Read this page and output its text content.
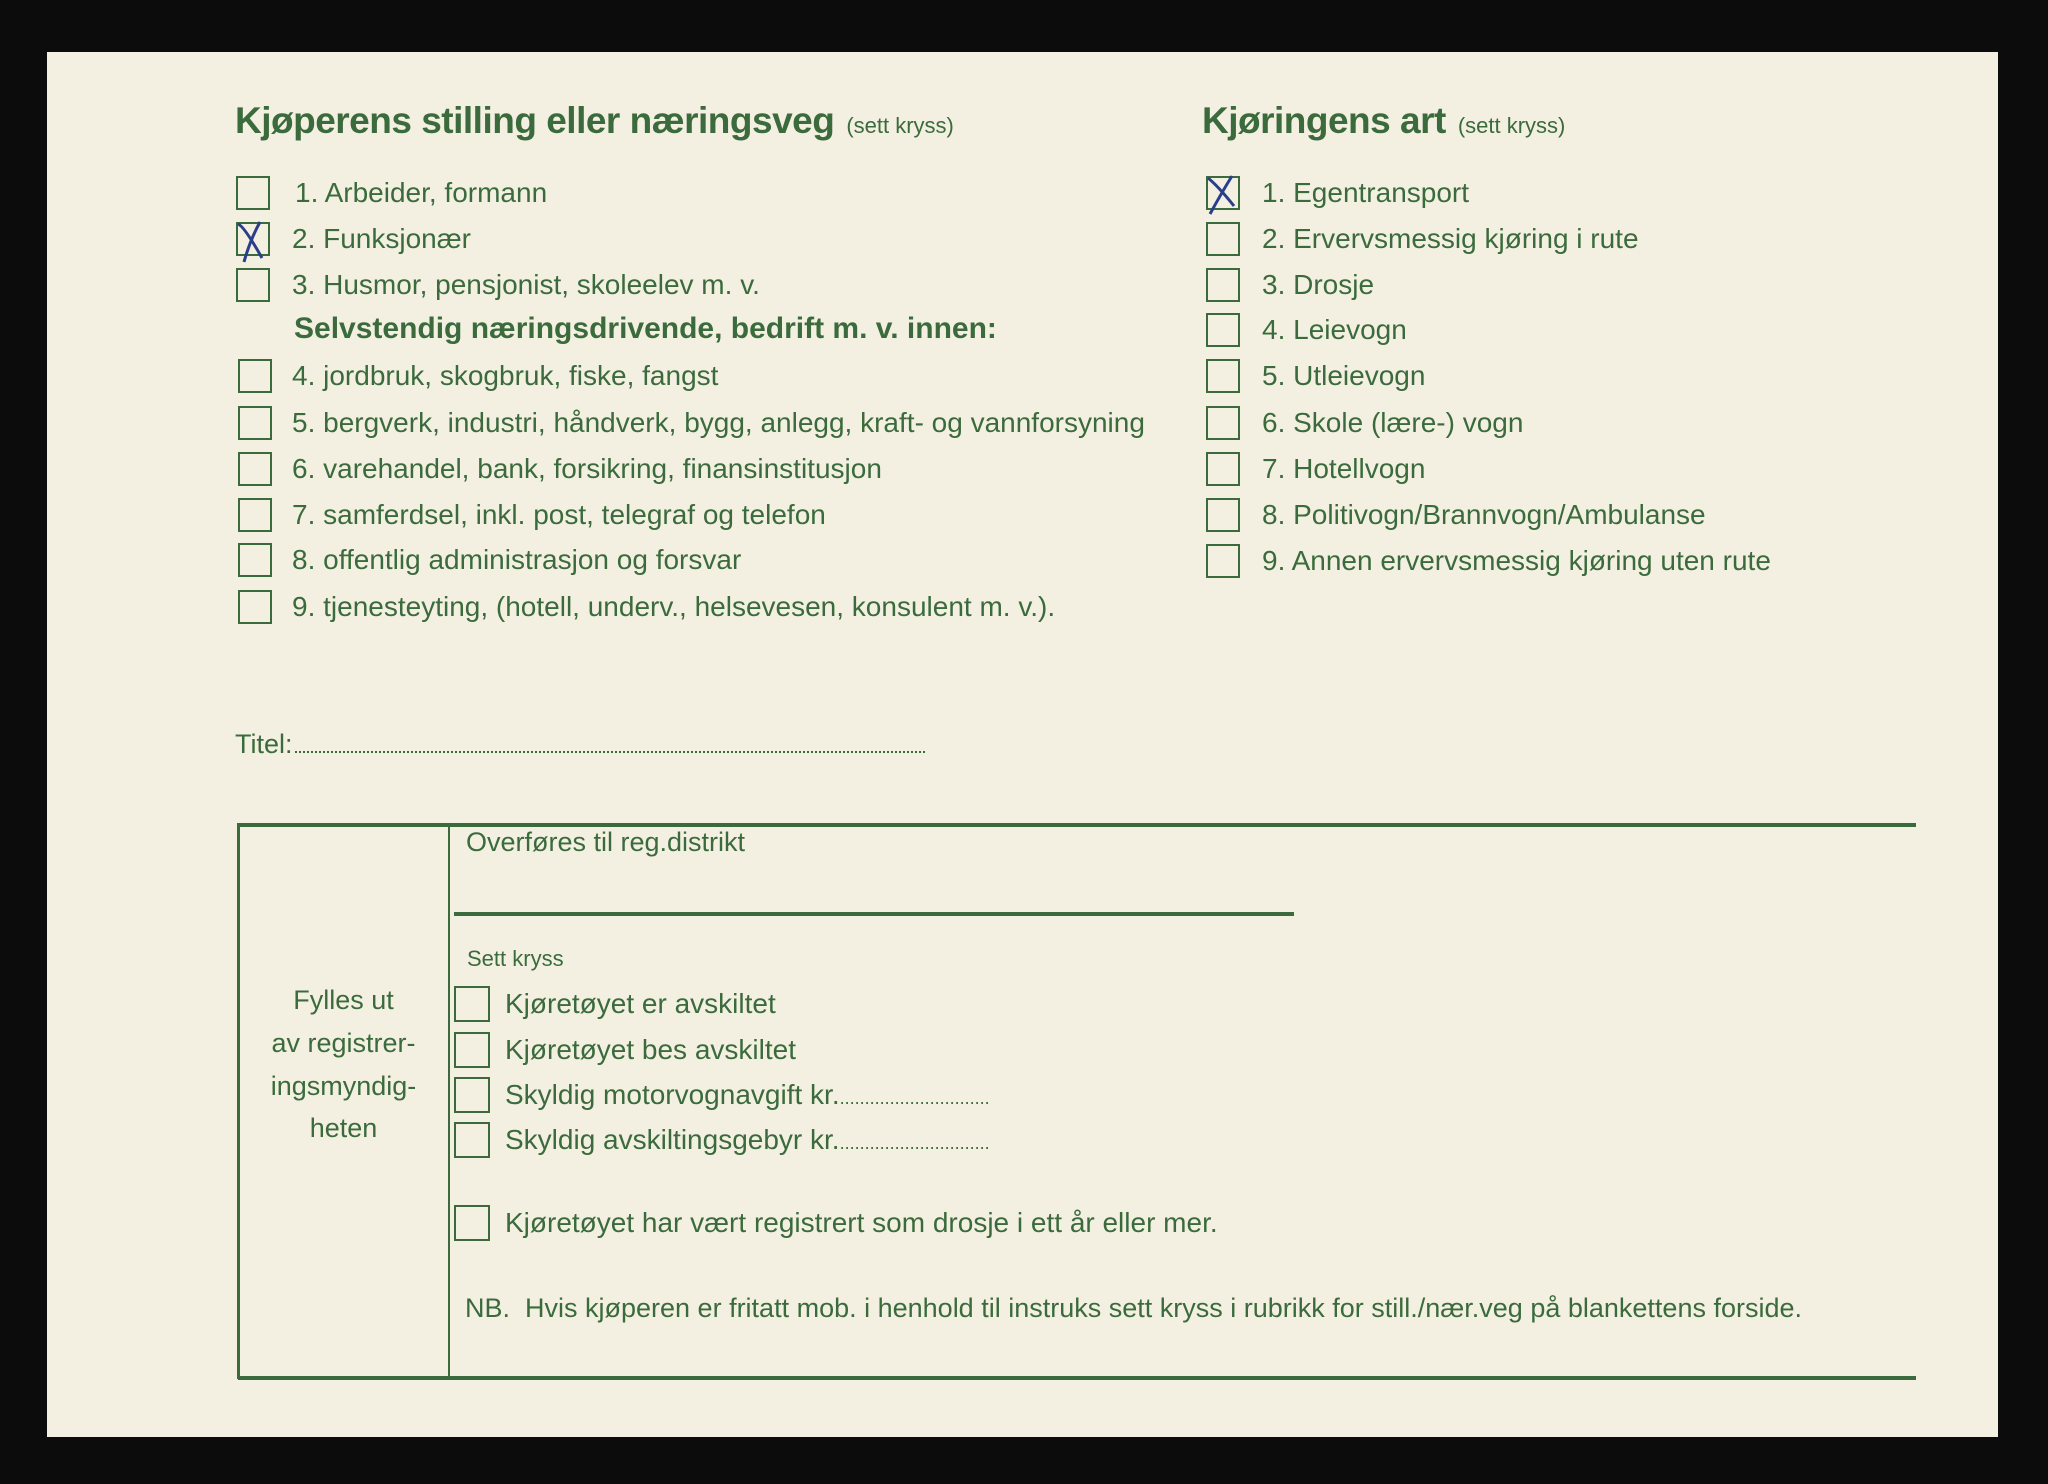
Kjøperens stilling eller næringsveg (sett kryss)
1. Arbeider, formann
2. Funksjonær
3. Husmor, pensjonist, skoleelev m. v.
Selvstendig næringsdrivende, bedrift m. v. innen:
4. jordbruk, skogbruk, fiske, fangst
5. bergverk, industri, håndverk, bygg, anlegg, kraft- og vannforsyning
6. varehandel, bank, forsikring, finansinstitusjon
7. samferdsel, inkl. post, telegraf og telefon
8. offentlig administrasjon og forsvar
9. tjenesteyting, (hotell, underv., helsevesen, konsulent m. v.).
Titel:
Kjøringens art (sett kryss)
1. Egentransport
2. Ervervsmessig kjøring i rute
3. Drosje
4. Leievogn
5. Utleievogn
6. Skole (lære-) vogn
7. Hotellvogn
8. Politivogn/Brannvogn/Ambulanse
9. Annen ervervsmessig kjøring uten rute
Fylles ut
av registrer-
ingsmyndig-
heten
Overføres til reg.distrikt
Sett kryss
Kjøretøyet er avskiltet
Kjøretøyet bes avskiltet
Skyldig motorvognavgift kr...............................
Skyldig avskiltingsgebyr kr...............................
Kjøretøyet har vært registrert som drosje i ett år eller mer.
NB.  Hvis kjøperen er fritatt mob. i henhold til instruks sett kryss i rubrikk for still./nær.veg på blankettens forside.
